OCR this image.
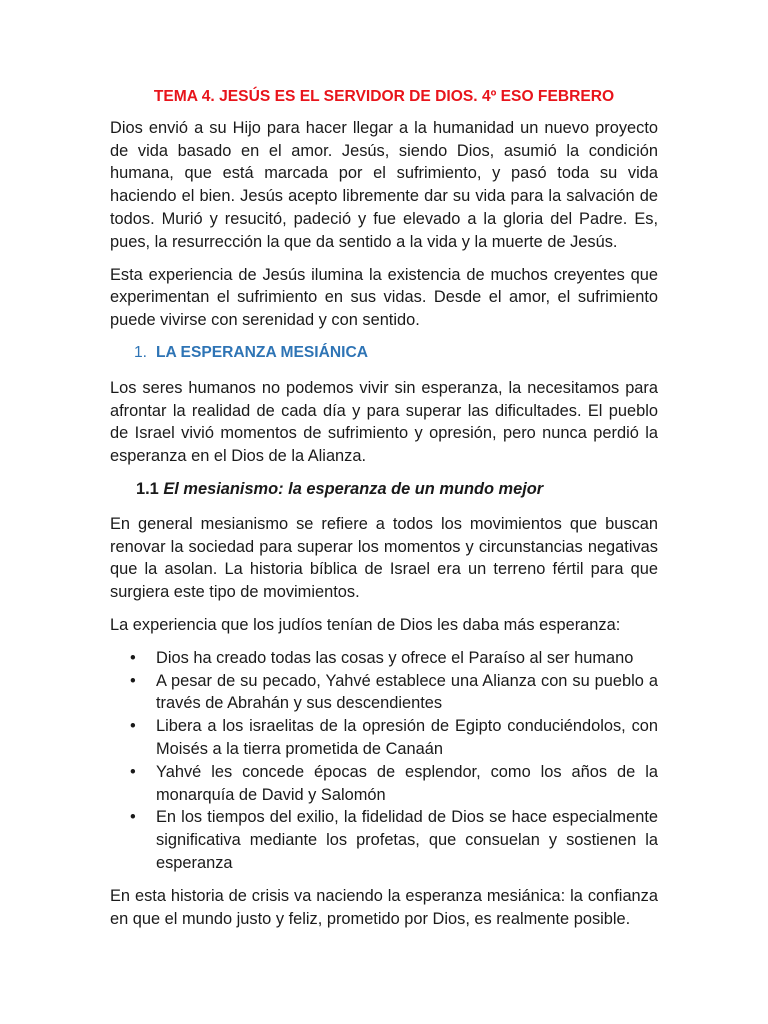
TEMA 4. JESÚS ES EL SERVIDOR DE DIOS. 4º ESO FEBRERO

Dios envió a su Hijo para hacer llegar a la humanidad un nuevo proyecto de vida basado en el amor. Jesús, siendo Dios, asumió la condición humana, que está marcada por el sufrimiento, y pasó toda su vida haciendo el bien. Jesús acepto libremente dar su vida para la salvación de todos. Murió y resucitó, padeció y fue elevado a la gloria del Padre. Es, pues, la resurrección la que da sentido a la vida y la muerte de Jesús.

Esta experiencia de Jesús ilumina la existencia de muchos creyentes que experimentan el sufrimiento en sus vidas. Desde el amor, el sufrimiento puede vivirse con serenidad y con sentido.

1. LA ESPERANZA MESIÁNICA

Los seres humanos no podemos vivir sin esperanza, la necesitamos para afrontar la realidad de cada día y para superar las dificultades. El pueblo de Israel vivió momentos de sufrimiento y opresión, pero nunca perdió la esperanza en el Dios de la Alianza.

1.1 El mesianismo: la esperanza de un mundo mejor

En general mesianismo se refiere a todos los movimientos que buscan renovar la sociedad para superar los momentos y circunstancias negativas que la asolan. La historia bíblica de Israel era un terreno fértil para que surgiera este tipo de movimientos.

La experiencia que los judíos tenían de Dios les daba más esperanza:

• Dios ha creado todas las cosas y ofrece el Paraíso al ser humano
• A pesar de su pecado, Yahvé establece una Alianza con su pueblo a través de Abrahán y sus descendientes
• Libera a los israelitas de la opresión de Egipto conduciéndolos, con Moisés a la tierra prometida de Canaán
• Yahvé les concede épocas de esplendor, como los años de la monarquía de David y Salomón
• En los tiempos del exilio, la fidelidad de Dios se hace especialmente significativa mediante los profetas, que consuelan y sostienen la esperanza

En esta historia de crisis va naciendo la esperanza mesiánica: la confianza en que el mundo justo y feliz, prometido por Dios, es realmente posible.
